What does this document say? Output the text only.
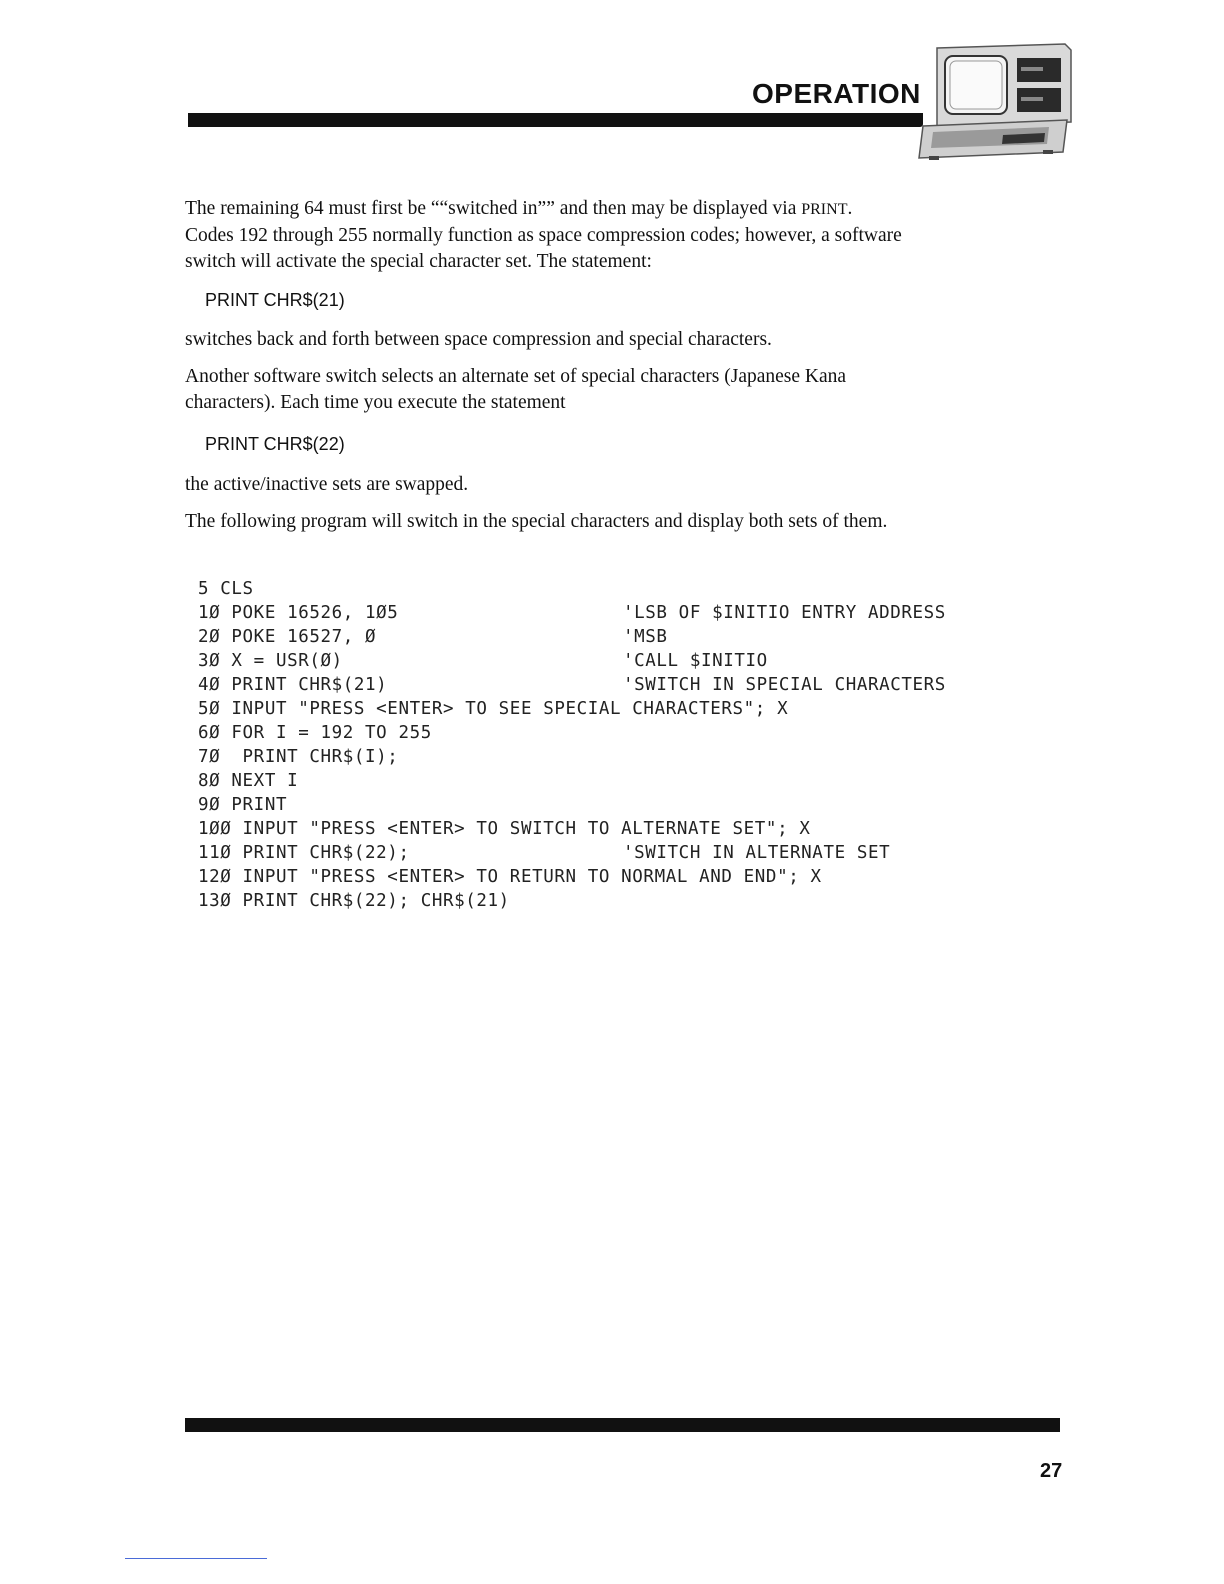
OPERATION

The remaining 64 must first be ““switched in”” and then may be displayed via PRINT. Codes 192 through 255 normally function as space compression codes; however, a software switch will activate the special character set. The statement:

PRINT CHR$(21)

switches back and forth between space compression and special characters.

Another software switch selects an alternate set of special characters (Japanese Kana characters). Each time you execute the statement

PRINT CHR$(22)

the active/inactive sets are swapped.

The following program will switch in the special characters and display both sets of them.

5 CLS
1Ø POKE 16526, 1Ø5	'LSB OF $INITIO ENTRY ADDRESS
2Ø POKE 16527, Ø	'MSB
3Ø X = USR(Ø)	'CALL $INITIO
4Ø PRINT CHR$(21)	'SWITCH IN SPECIAL CHARACTERS
5Ø INPUT "PRESS <ENTER> TO SEE SPECIAL CHARACTERS"; X
6Ø FOR I = 192 TO 255
7Ø  PRINT CHR$(I);
8Ø NEXT I
9Ø PRINT
1ØØ INPUT "PRESS <ENTER> TO SWITCH TO ALTERNATE SET"; X
11Ø PRINT CHR$(22);	'SWITCH IN ALTERNATE SET
12Ø INPUT "PRESS <ENTER> TO RETURN TO NORMAL AND END"; X
13Ø PRINT CHR$(22); CHR$(21)
27
